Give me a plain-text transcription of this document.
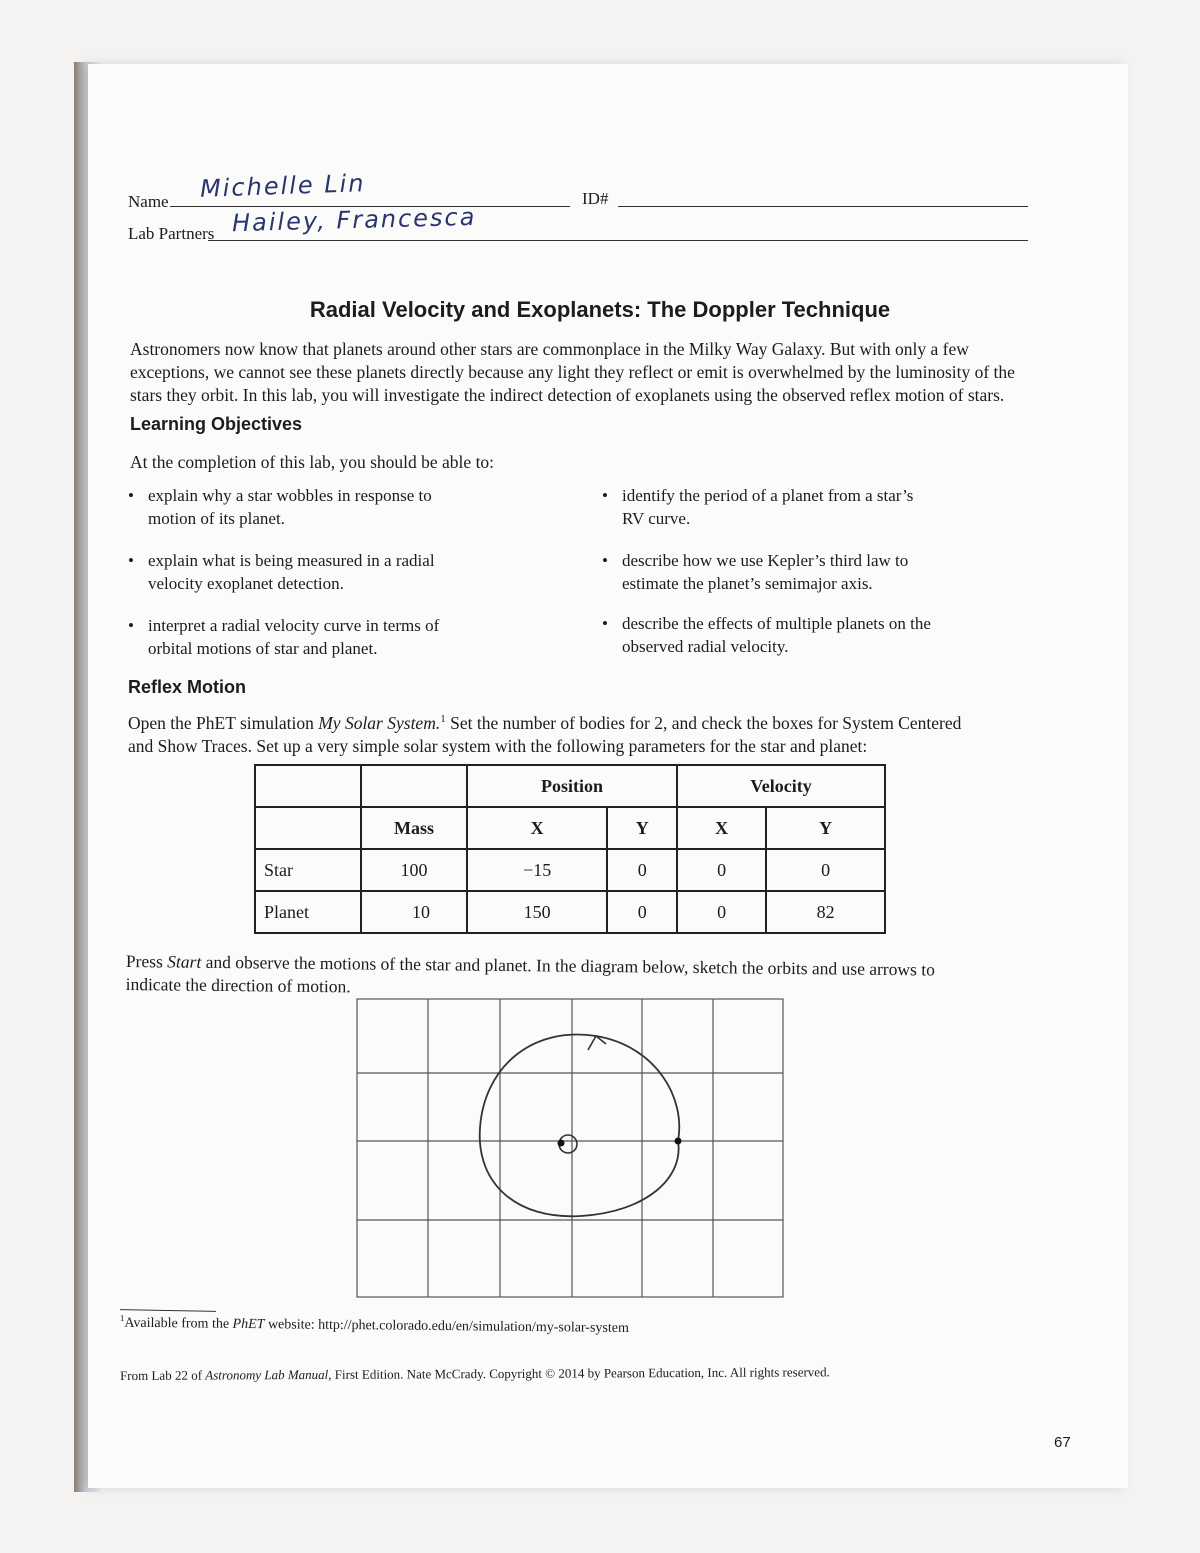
Name Michelle Lin	ID#
Lab Partners Hailey, Francesca
Radial Velocity and Exoplanets: The Doppler Technique
Astronomers now know that planets around other stars are commonplace in the Milky Way Galaxy. But with only a few
exceptions, we cannot see these planets directly because any light they reflect or emit is overwhelmed by the luminosity of the
stars they orbit. In this lab, you will investigate the indirect detection of exoplanets using the observed reflex motion of stars.
Learning Objectives
At the completion of this lab, you should be able to:
• explain why a star wobbles in response to
motion of its planet.
• identify the period of a planet from a star’s
RV curve.
• explain what is being measured in a radial
velocity exoplanet detection.
• describe how we use Kepler’s third law to
estimate the planet’s semimajor axis.
• interpret a radial velocity curve in terms of
orbital motions of star and planet.
• describe the effects of multiple planets on the
observed radial velocity.
Reflex Motion
Open the PhET simulation My Solar System.$^1$ Set the number of bodies for 2, and check the boxes for System Centered
and Show Traces. Set up a very simple solar system with the following parameters for the star and planet:
		Position		Velocity	
	Mass	X	Y	X	Y
Star	100	−15	0	0	0
Planet	10	150	0	0	82
Press Start and observe the motions of the star and planet. In the diagram below, sketch the orbits and use arrows to
indicate the direction of motion.
$^1$Available from the PhET website: http://phet.colorado.edu/en/simulation/my-solar-system
From Lab 22 of Astronomy Lab Manual, First Edition. Nate McCrady. Copyright © 2014 by Pearson Education, Inc. All rights reserved.
67
